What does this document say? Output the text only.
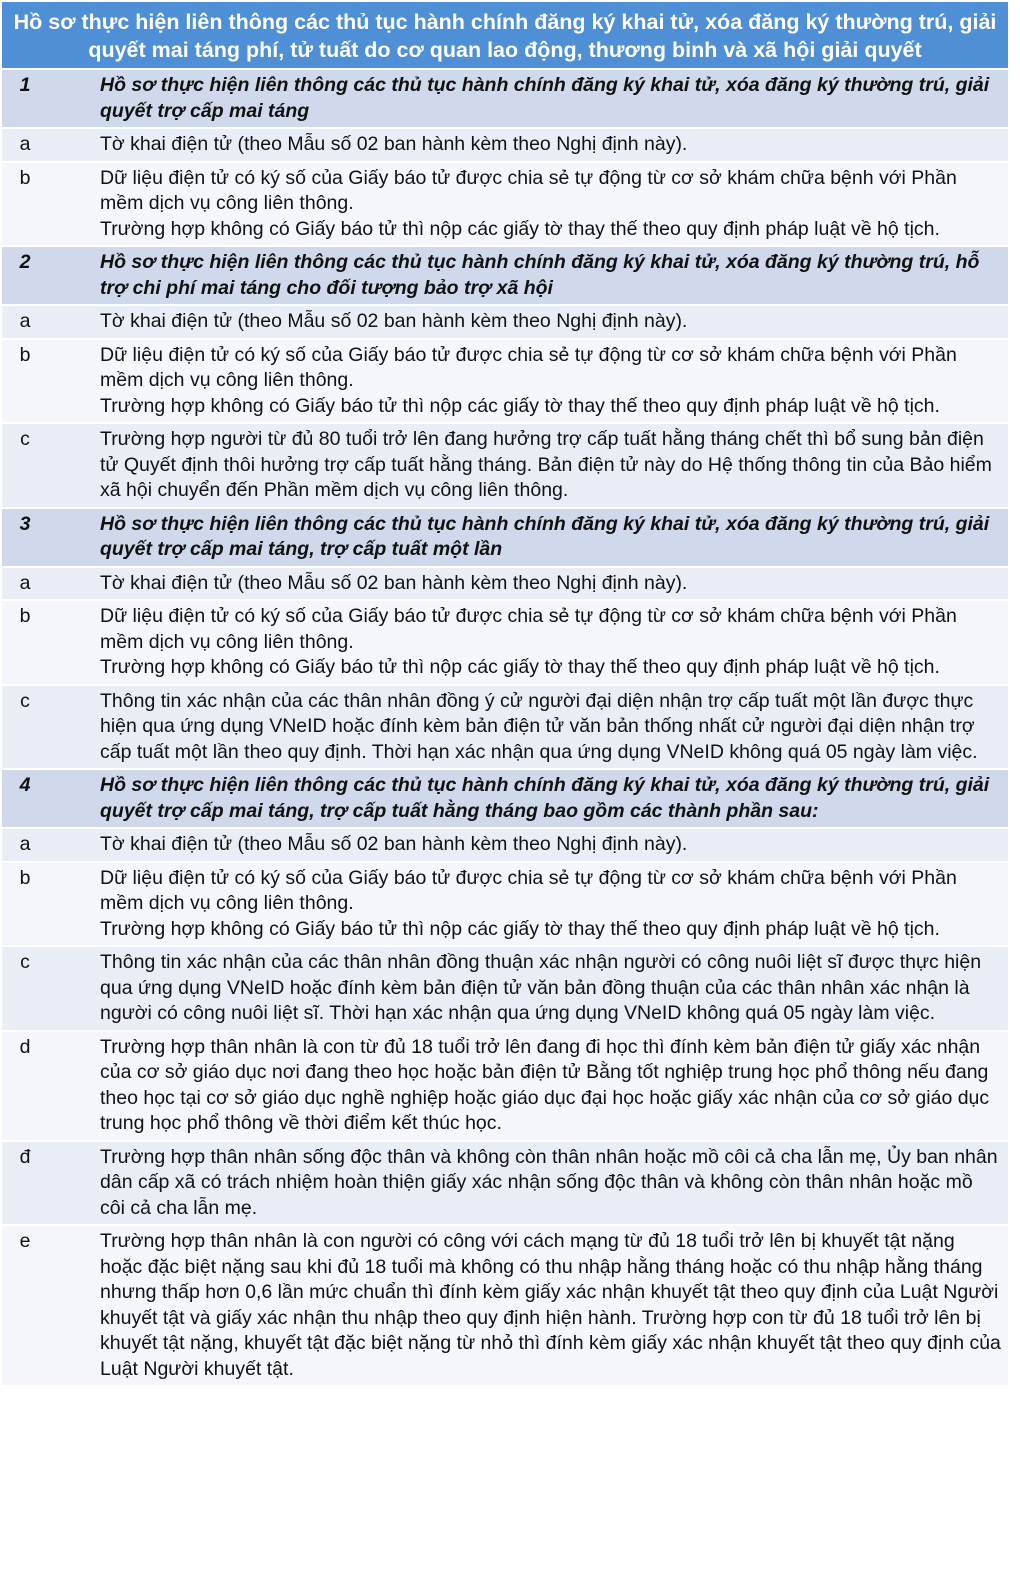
Hồ sơ thực hiện liên thông các thủ tục hành chính đăng ký khai tử, xóa đăng ký thường trú, giải quyết mai táng phí, tử tuất do cơ quan lao động, thương binh và xã hội giải quyết	
1	Hồ sơ thực hiện liên thông các thủ tục hành chính đăng ký khai tử, xóa đăng ký thường trú, giải quyết trợ cấp mai táng
a	Tờ khai điện tử (theo Mẫu số 02 ban hành kèm theo Nghị định này).

b	Dữ liệu điện tử có ký số của Giấy báo tử được chia sẻ tự động từ cơ sở khám chữa bệnh với Phần mềm dịch vụ công liên thông.
Trường hợp không có Giấy báo tử thì nộp các giấy tờ thay thế theo quy định pháp luật về hộ tịch.

2	Hồ sơ thực hiện liên thông các thủ tục hành chính đăng ký khai tử, xóa đăng ký thường trú, hỗ trợ chi phí mai táng cho đối tượng bảo trợ xã hội
a	Tờ khai điện tử (theo Mẫu số 02 ban hành kèm theo Nghị định này).

b	Dữ liệu điện tử có ký số của Giấy báo tử được chia sẻ tự động từ cơ sở khám chữa bệnh với Phần mềm dịch vụ công liên thông.
Trường hợp không có Giấy báo tử thì nộp các giấy tờ thay thế theo quy định pháp luật về hộ tịch.

c	Trường hợp người từ đủ 80 tuổi trở lên đang hưởng trợ cấp tuất hằng tháng chết thì bổ sung bản điện tử Quyết định thôi hưởng trợ cấp tuất hằng tháng. Bản điện tử này do Hệ thống thông tin của Bảo hiểm xã hội chuyển đến Phần mềm dịch vụ công liên thông.

3	Hồ sơ thực hiện liên thông các thủ tục hành chính đăng ký khai tử, xóa đăng ký thường trú, giải quyết trợ cấp mai táng, trợ cấp tuất một lần
a	Tờ khai điện tử (theo Mẫu số 02 ban hành kèm theo Nghị định này).

b	Dữ liệu điện tử có ký số của Giấy báo tử được chia sẻ tự động từ cơ sở khám chữa bệnh với Phần mềm dịch vụ công liên thông.
Trường hợp không có Giấy báo tử thì nộp các giấy tờ thay thế theo quy định pháp luật về hộ tịch.

c	Thông tin xác nhận của các thân nhân đồng ý cử người đại diện nhận trợ cấp tuất một lần được thực hiện qua ứng dụng VNeID hoặc đính kèm bản điện tử văn bản thống nhất cử người đại diện nhận trợ cấp tuất một lần theo quy định. Thời hạn xác nhận qua ứng dụng VNeID không quá 05 ngày làm việc.

4	Hồ sơ thực hiện liên thông các thủ tục hành chính đăng ký khai tử, xóa đăng ký thường trú, giải quyết trợ cấp mai táng, trợ cấp tuất hằng tháng bao gồm các thành phần sau:
a	Tờ khai điện tử (theo Mẫu số 02 ban hành kèm theo Nghị định này).

b	Dữ liệu điện tử có ký số của Giấy báo tử được chia sẻ tự động từ cơ sở khám chữa bệnh với Phần mềm dịch vụ công liên thông.
Trường hợp không có Giấy báo tử thì nộp các giấy tờ thay thế theo quy định pháp luật về hộ tịch.

c	Thông tin xác nhận của các thân nhân đồng thuận xác nhận người có công nuôi liệt sĩ được thực hiện qua ứng dụng VNeID hoặc đính kèm bản điện tử văn bản đồng thuận của các thân nhân xác nhận là người có công nuôi liệt sĩ. Thời hạn xác nhận qua ứng dụng VNeID không quá 05 ngày làm việc.

d	Trường hợp thân nhân là con từ đủ 18 tuổi trở lên đang đi học thì đính kèm bản điện tử giấy xác nhận của cơ sở giáo dục nơi đang theo học hoặc bản điện tử Bằng tốt nghiệp trung học phổ thông nếu đang theo học tại cơ sở giáo dục nghề nghiệp hoặc giáo dục đại học hoặc giấy xác nhận của cơ sở giáo dục trung học phổ thông về thời điểm kết thúc học.

đ	Trường hợp thân nhân sống độc thân và không còn thân nhân hoặc mồ côi cả cha lẫn mẹ, Ủy ban nhân dân cấp xã có trách nhiệm hoàn thiện giấy xác nhận sống độc thân và không còn thân nhân hoặc mồ côi cả cha lẫn mẹ.

e	Trường hợp thân nhân là con người có công với cách mạng từ đủ 18 tuổi trở lên bị khuyết tật nặng hoặc đặc biệt nặng sau khi đủ 18 tuổi mà không có thu nhập hằng tháng hoặc có thu nhập hằng tháng nhưng thấp hơn 0,6 lần mức chuẩn thì đính kèm giấy xác nhận khuyết tật theo quy định của Luật Người khuyết tật và giấy xác nhận thu nhập theo quy định hiện hành. Trường hợp con từ đủ 18 tuổi trở lên bị khuyết tật nặng, khuyết tật đặc biệt nặng từ nhỏ thì đính kèm giấy xác nhận khuyết tật theo quy định của Luật Người khuyết tật.
